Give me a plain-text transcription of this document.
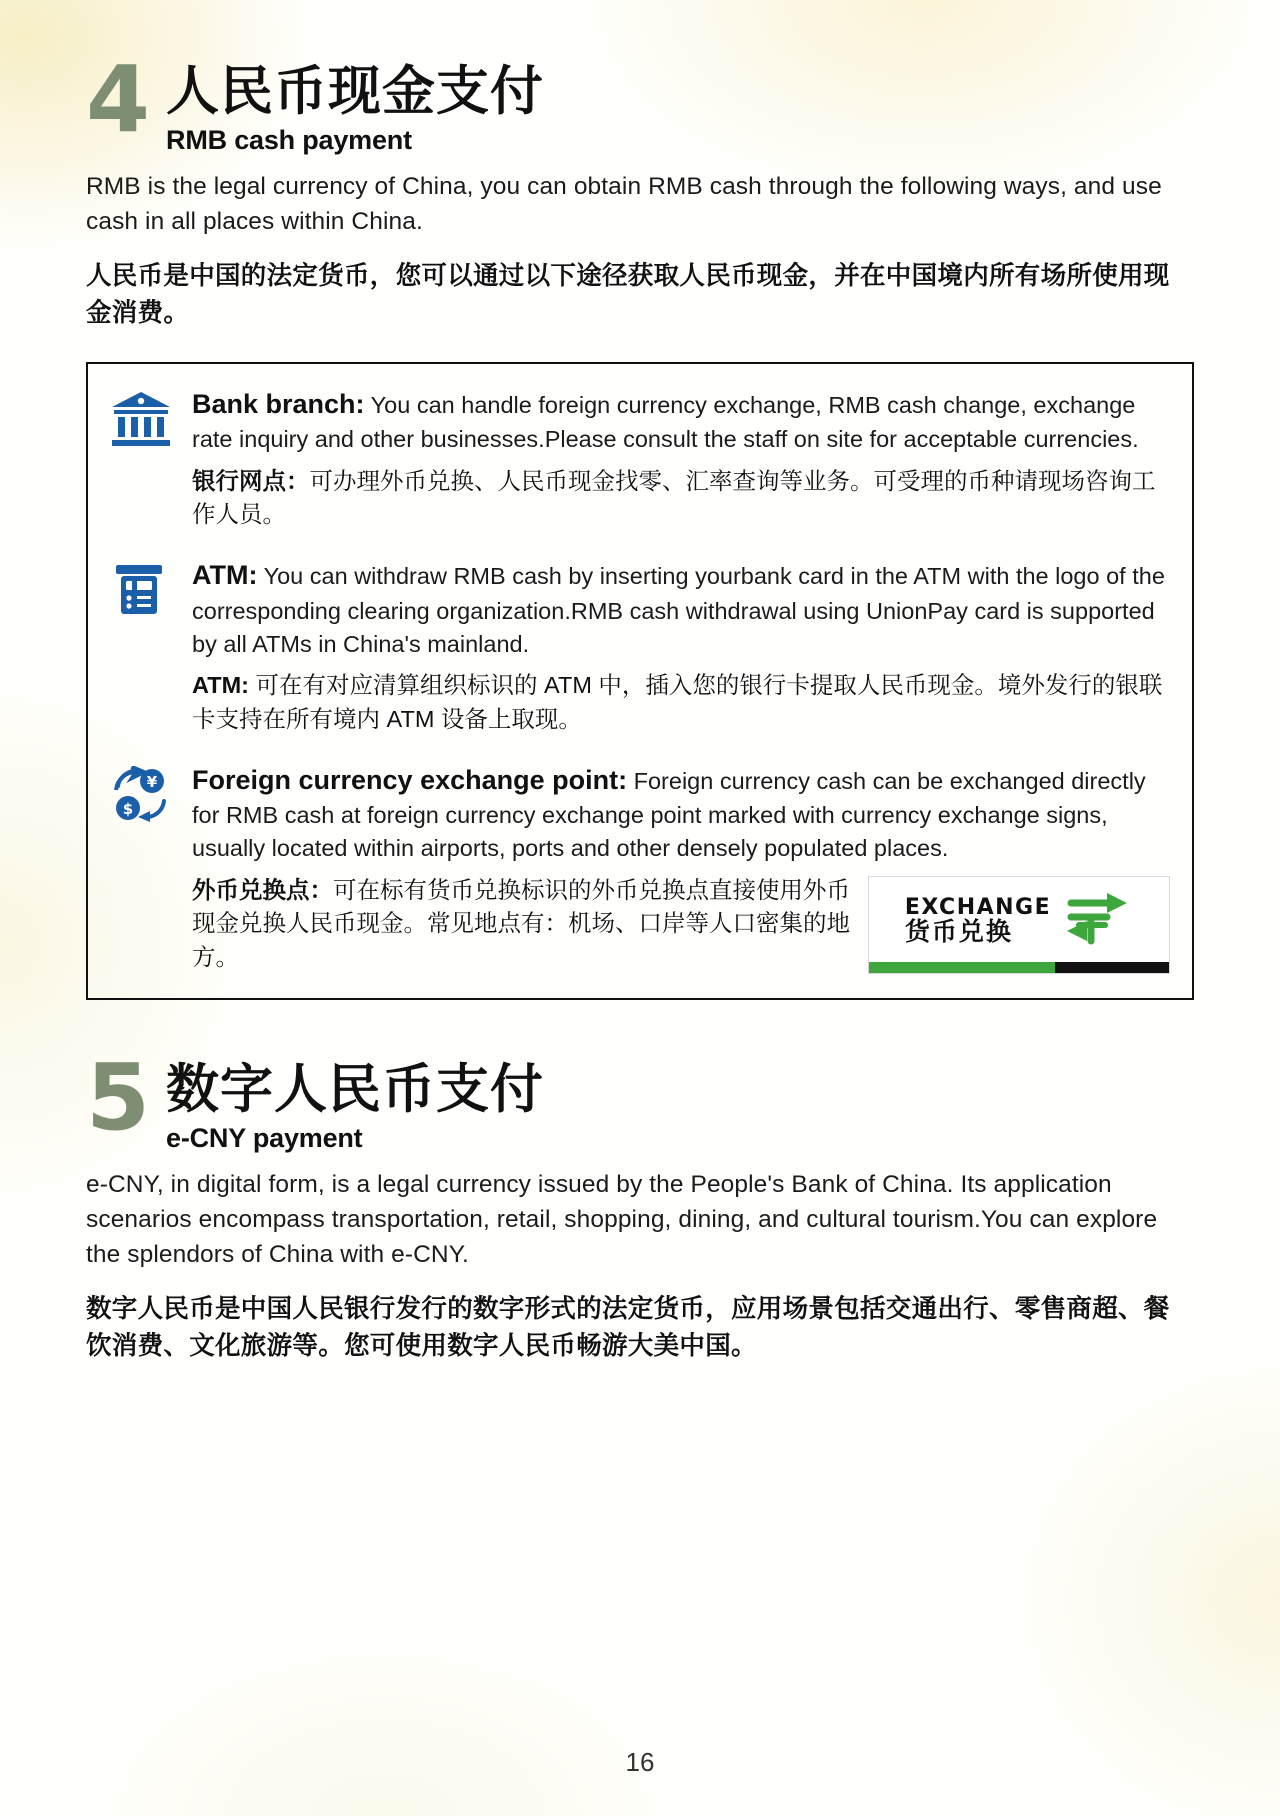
4 人民币现金支付
RMB cash payment

RMB is the legal currency of China, you can obtain RMB cash through the following ways, and use cash in all places within China.

人民币是中国的法定货币，您可以通过以下途径获取人民币现金，并在中国境内所有场所使用现金消费。

Bank branch: You can handle foreign currency exchange, RMB cash change, exchange rate inquiry and other businesses.Please consult the staff on site for acceptable currencies.
银行网点：可办理外币兑换、人民币现金找零、汇率查询等业务。可受理的币种请现场咨询工作人员。
ATM: You can withdraw RMB cash by inserting yourbank card in the ATM with the logo of the corresponding clearing organization.RMB cash withdrawal using UnionPay card is supported by all ATMs in China's mainland.
ATM: 可在有对应清算组织标识的 ATM 中，插入您的银行卡提取人民币现金。境外发行的银联卡支持在所有境内 ATM 设备上取现。
¥
$
Foreign currency exchange point: Foreign currency cash can be exchanged directly for RMB cash at foreign currency exchange point marked with currency exchange signs, usually located within airports, ports and other densely populated places.
外币兑换点：可在标有货币兑换标识的外币兑换点直接使用外币现金兑换人民币现金。常见地点有：机场、口岸等人口密集的地方。
EXCHANGE
货币兑换
5 数字人民币支付
e-CNY payment

e-CNY, in digital form, is a legal currency issued by the People's Bank of China. Its application scenarios encompass transportation, retail, shopping, dining, and cultural tourism.You can explore the splendors of China with e-CNY.

数字人民币是中国人民银行发行的数字形式的法定货币，应用场景包括交通出行、零售商超、餐饮消费、文化旅游等。您可使用数字人民币畅游大美中国。

16
